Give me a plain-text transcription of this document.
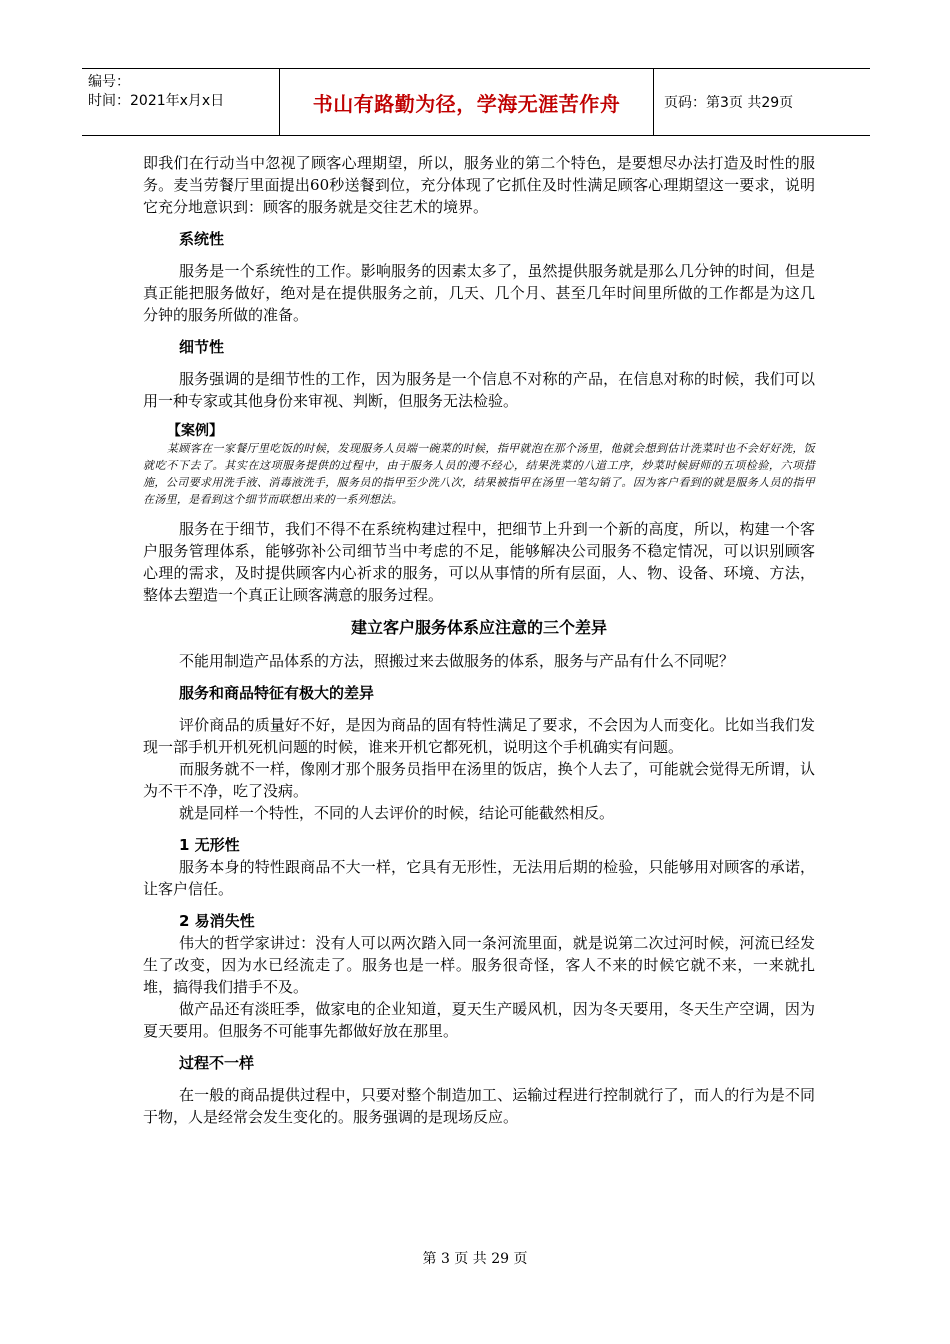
编号：
时间：2021年x月x日	书山有路勤为径，学海无涯苦作舟	页码：第3页 共29页

即我们在行动当中忽视了顾客心理期望，所以，服务业的第二个特色，是要想尽办法打造及时性的服务。麦当劳餐厅里面提出60秒送餐到位，充分体现了它抓住及时性满足顾客心理期望这一要求，说明它充分地意识到：顾客的服务就是交往艺术的境界。

系统性

服务是一个系统性的工作。影响服务的因素太多了，虽然提供服务就是那么几分钟的时间，但是真正能把服务做好，绝对是在提供服务之前，几天、几个月、甚至几年时间里所做的工作都是为这几分钟的服务所做的准备。

细节性

服务强调的是细节性的工作，因为服务是一个信息不对称的产品，在信息对称的时候，我们可以用一种专家或其他身份来审视、判断，但服务无法检验。

【案例】

某顾客在一家餐厅里吃饭的时候，发现服务人员端一碗菜的时候，指甲就泡在那个汤里，他就会想到估计洗菜时也不会好好洗，饭就吃不下去了。其实在这项服务提供的过程中，由于服务人员的漫不经心，结果洗菜的八道工序，炒菜时候厨师的五项检验，六项措施，公司要求用洗手液、消毒液洗手，服务员的指甲至少洗八次，结果被指甲在汤里一笔勾销了。因为客户看到的就是服务人员的指甲在汤里，是看到这个细节而联想出来的一系列想法。

服务在于细节，我们不得不在系统构建过程中，把细节上升到一个新的高度，所以，构建一个客户服务管理体系，能够弥补公司细节当中考虑的不足，能够解决公司服务不稳定情况，可以识别顾客心理的需求，及时提供顾客内心祈求的服务，可以从事情的所有层面，人、物、设备、环境、方法，整体去塑造一个真正让顾客满意的服务过程。

建立客户服务体系应注意的三个差异

不能用制造产品体系的方法，照搬过来去做服务的体系，服务与产品有什么不同呢？

服务和商品特征有极大的差异

评价商品的质量好不好，是因为商品的固有特性满足了要求，不会因为人而变化。比如当我们发现一部手机开机死机问题的时候，谁来开机它都死机，说明这个手机确实有问题。

而服务就不一样，像刚才那个服务员指甲在汤里的饭店，换个人去了，可能就会觉得无所谓，认为不干不净，吃了没病。

就是同样一个特性，不同的人去评价的时候，结论可能截然相反。

1 无形性

服务本身的特性跟商品不大一样，它具有无形性，无法用后期的检验，只能够用对顾客的承诺，让客户信任。

2 易消失性

伟大的哲学家讲过：没有人可以两次踏入同一条河流里面，就是说第二次过河时候，河流已经发生了改变，因为水已经流走了。服务也是一样。服务很奇怪，客人不来的时候它就不来，一来就扎堆，搞得我们措手不及。

做产品还有淡旺季，做家电的企业知道，夏天生产暖风机，因为冬天要用，冬天生产空调，因为夏天要用。但服务不可能事先都做好放在那里。

过程不一样

在一般的商品提供过程中，只要对整个制造加工、运输过程进行控制就行了，而人的行为是不同于物，人是经常会发生变化的。服务强调的是现场反应。

第 3 页 共 29 页
